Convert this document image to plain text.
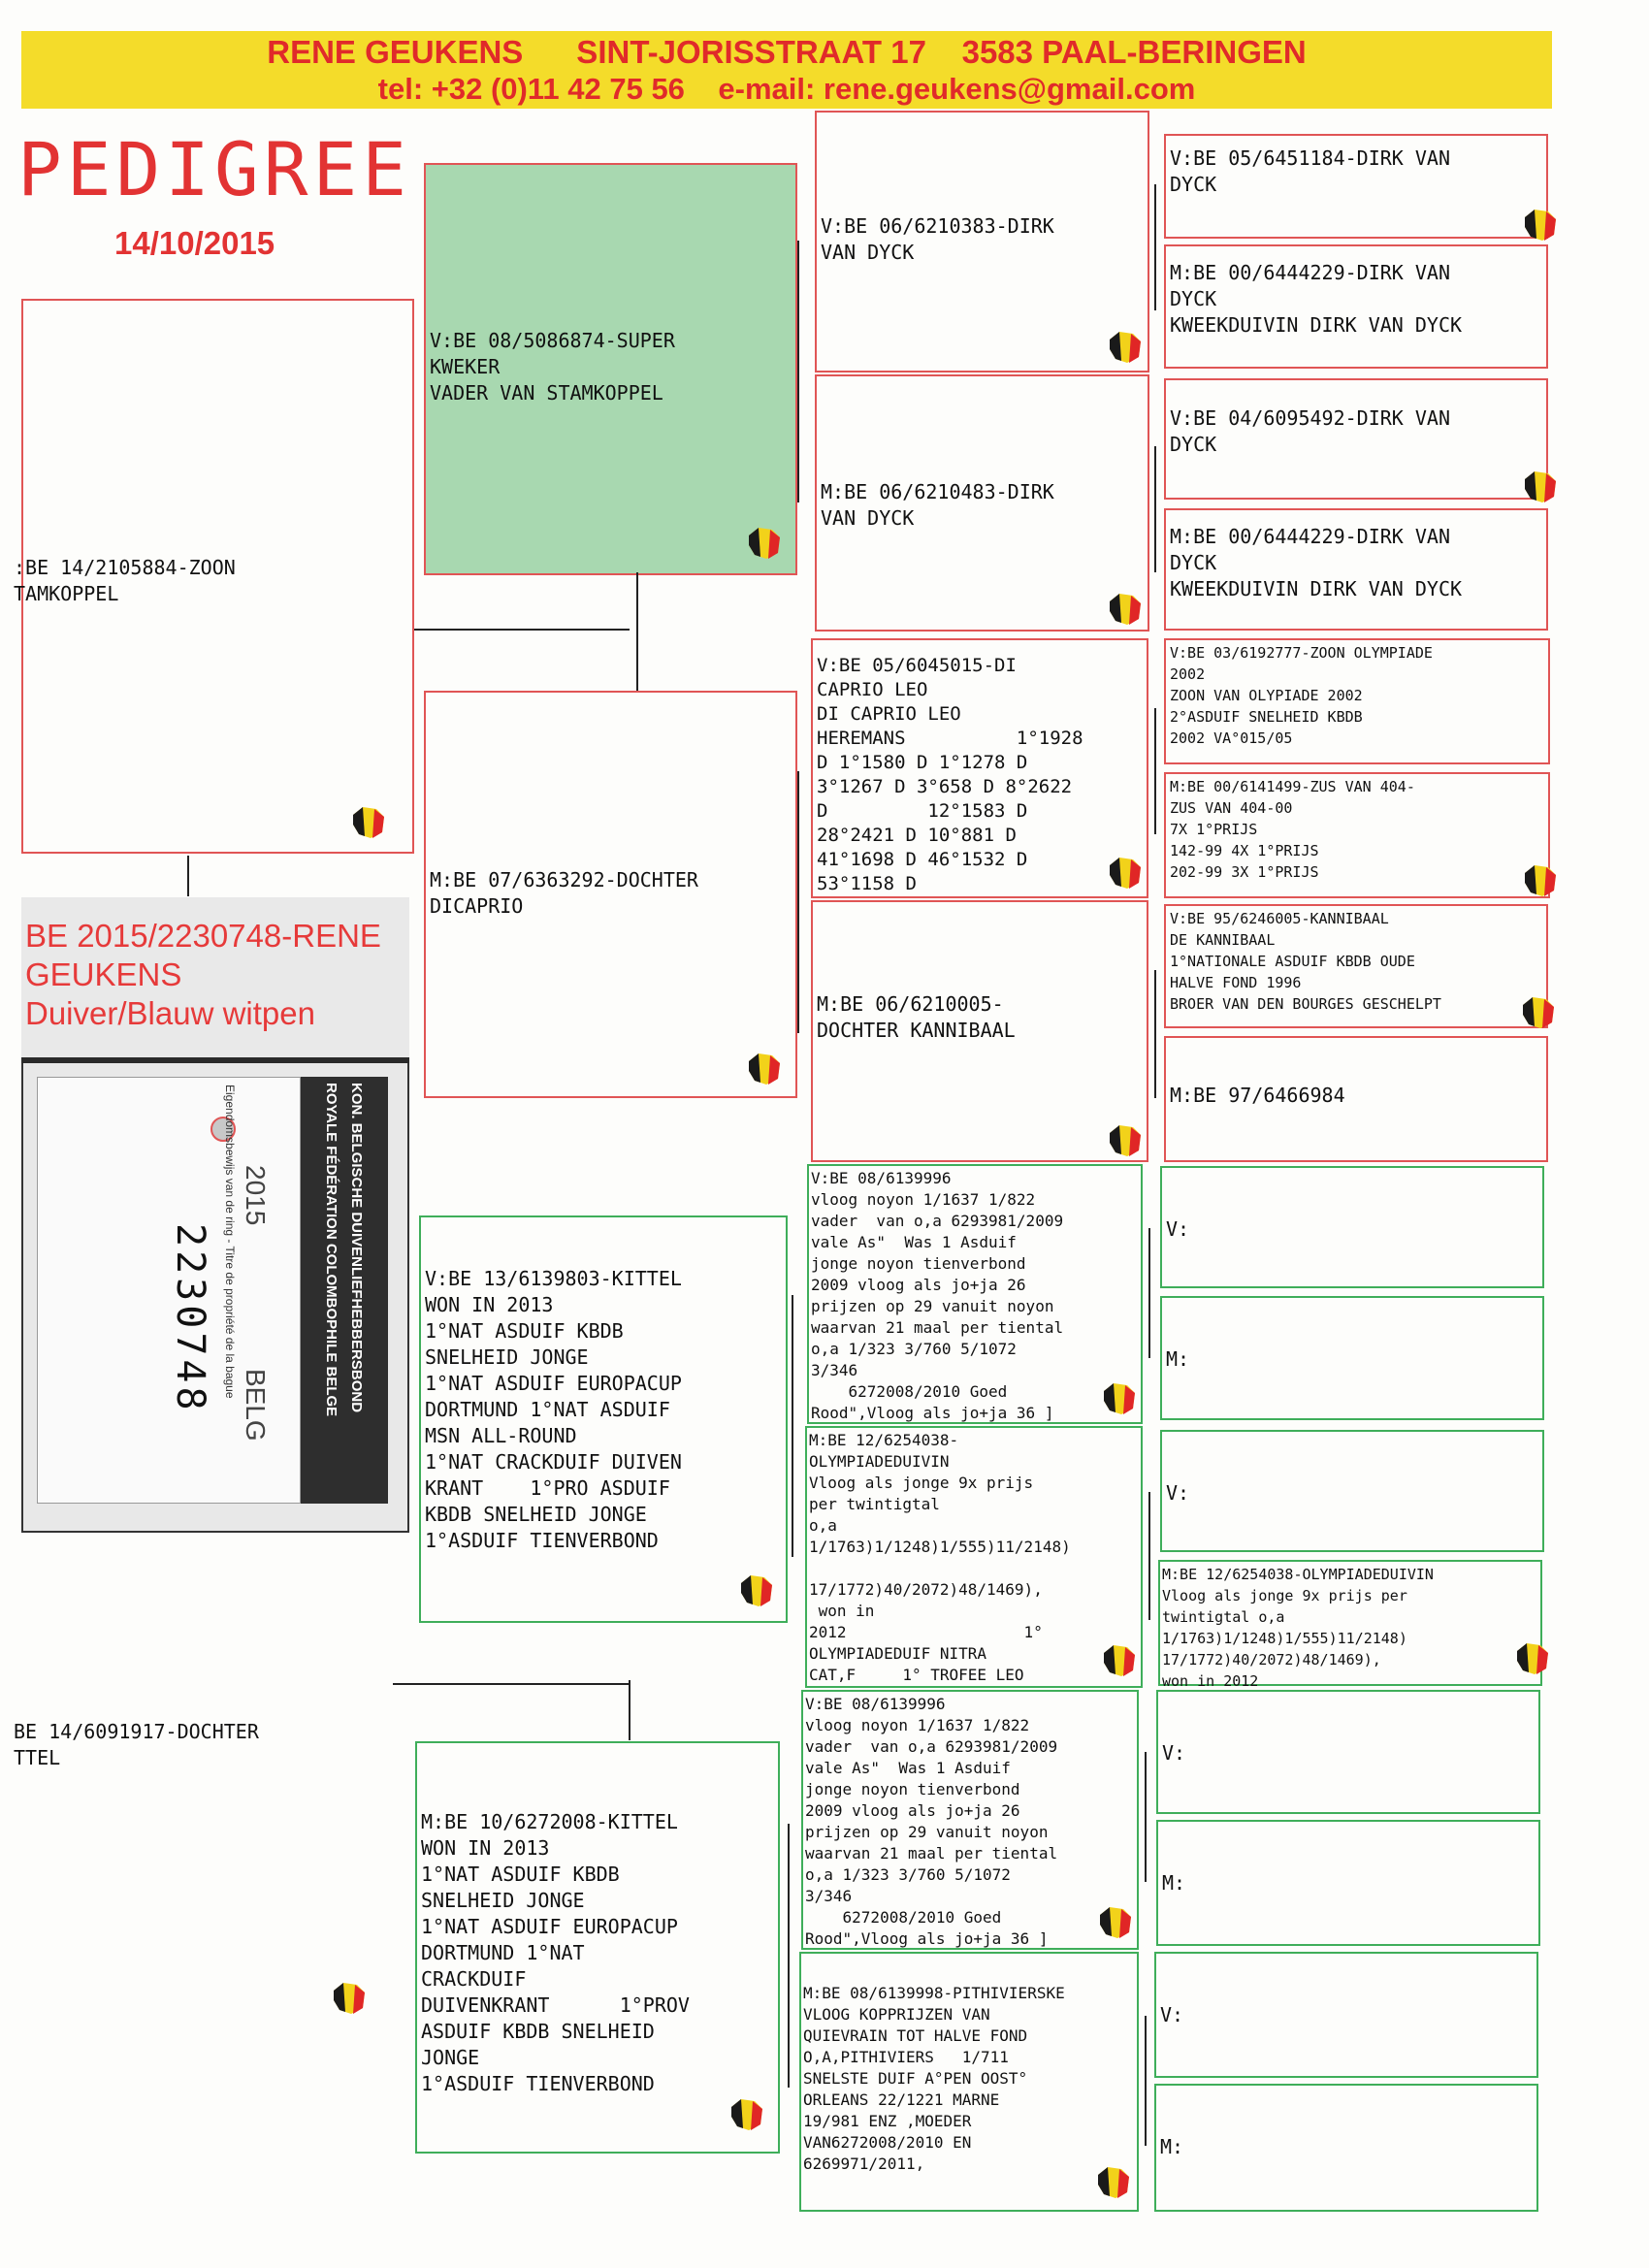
RENE GEUKENS      SINT-JORISSTRAAT 17    3583 PAAL-BERINGEN
tel: +32 (0)11 42 75 56    e-mail: rene.geukens@gmail.com
PEDIGREE
14/10/2015
:BE 14/2105884-ZOON
TAMKOPPEL
BE 14/6091917-DOCHTER
TTEL
BE 2015/2230748-RENE
GEUKENS
Duiver/Blauw witpen
2230748
2015
BELG	KON. BELGISCHE DUIVENLIEFHEBBERSBOND
ROYALE FÉDÉRATION COLOMBOPHILE BELGE
Eigendomsbewijs van de ring - Titre de propriété de la bague
V:BE 08/5086874-SUPER
KWEKER
VADER VAN STAMKOPPEL
M:BE 07/6363292-DOCHTER
DICAPRIO
V:BE 13/6139803-KITTEL
WON IN 2013
1°NAT ASDUIF KBDB
SNELHEID JONGE
1°NAT ASDUIF EUROPACUP
DORTMUND 1°NAT ASDUIF
MSN ALL-ROUND
1°NAT CRACKDUIF DUIVEN
KRANT    1°PRO ASDUIF
KBDB SNELHEID JONGE
1°ASDUIF TIENVERBOND
M:BE 10/6272008-KITTEL
WON IN 2013
1°NAT ASDUIF KBDB
SNELHEID JONGE
1°NAT ASDUIF EUROPACUP
DORTMUND 1°NAT
CRACKDUIF
DUIVENKRANT      1°PROV
ASDUIF KBDB SNELHEID
JONGE
1°ASDUIF TIENVERBOND
V:BE 06/6210383-DIRK
VAN DYCK
M:BE 06/6210483-DIRK
VAN DYCK
V:BE 05/6045015-DI
CAPRIO LEO
DI CAPRIO LEO
HEREMANS          1°1928
D 1°1580 D 1°1278 D
3°1267 D 3°658 D 8°2622
D         12°1583 D
28°2421 D 10°881 D
41°1698 D 46°1532 D
53°1158 D
M:BE 06/6210005-
DOCHTER KANNIBAAL
V:BE 08/6139996
vloog noyon 1/1637 1/822
vader  van o,a 6293981/2009
vale As"  Was 1 Asduif
jonge noyon tienverbond
2009 vloog als jo+ja 26
prijzen op 29 vanuit noyon
waarvan 21 maal per tiental
o,a 1/323 3/760 5/1072
3/346
6272008/2010 Goed
Rood",Vloog als jo+ja 36 ]
M:BE 12/6254038-
OLYMPIADEDUIVIN
Vloog als jonge 9x prijs
per twintigtal
o,a
1/1763)1/1248)1/555)11/2148)

17/1772)40/2072)48/1469),
won in
2012                   1°
OLYMPIADEDUIF NITRA
CAT,F     1° TROFEE LEO
V:BE 08/6139996
vloog noyon 1/1637 1/822
vader  van o,a 6293981/2009
vale As"  Was 1 Asduif
jonge noyon tienverbond
2009 vloog als jo+ja 26
prijzen op 29 vanuit noyon
waarvan 21 maal per tiental
o,a 1/323 3/760 5/1072
3/346
6272008/2010 Goed
Rood",Vloog als jo+ja 36 ]
M:BE 08/6139998-PITHIVIERSKE
VLOOG KOPPRIJZEN VAN
QUIEVRAIN TOT HALVE FOND
O,A,PITHIVIERS   1/711
SNELSTE DUIF A°PEN OOST°
ORLEANS 22/1221 MARNE
19/981 ENZ ,MOEDER
VAN6272008/2010 EN
6269971/2011,
V:BE 05/6451184-DIRK VAN
DYCK
M:BE 00/6444229-DIRK VAN
DYCK
KWEEKDUIVIN DIRK VAN DYCK
V:BE 04/6095492-DIRK VAN
DYCK
M:BE 00/6444229-DIRK VAN
DYCK
KWEEKDUIVIN DIRK VAN DYCK
V:BE 03/6192777-ZOON OLYMPIADE
2002
ZOON VAN OLYPIADE 2002
2°ASDUIF SNELHEID KBDB
2002 VA°015/05
M:BE 00/6141499-ZUS VAN 404-
ZUS VAN 404-00
7X 1°PRIJS
142-99 4X 1°PRIJS
202-99 3X 1°PRIJS
V:BE 95/6246005-KANNIBAAL
DE KANNIBAAL
1°NATIONALE ASDUIF KBDB OUDE
HALVE FOND 1996
BROER VAN DEN BOURGES GESCHELPT
M:BE 97/6466984
V:
M:
V:
M:BE 12/6254038-OLYMPIADEDUIVIN
Vloog als jonge 9x prijs per
twintigtal o,a
1/1763)1/1248)1/555)11/2148)
17/1772)40/2072)48/1469),
won in 2012
V:
M:
V:
M:
